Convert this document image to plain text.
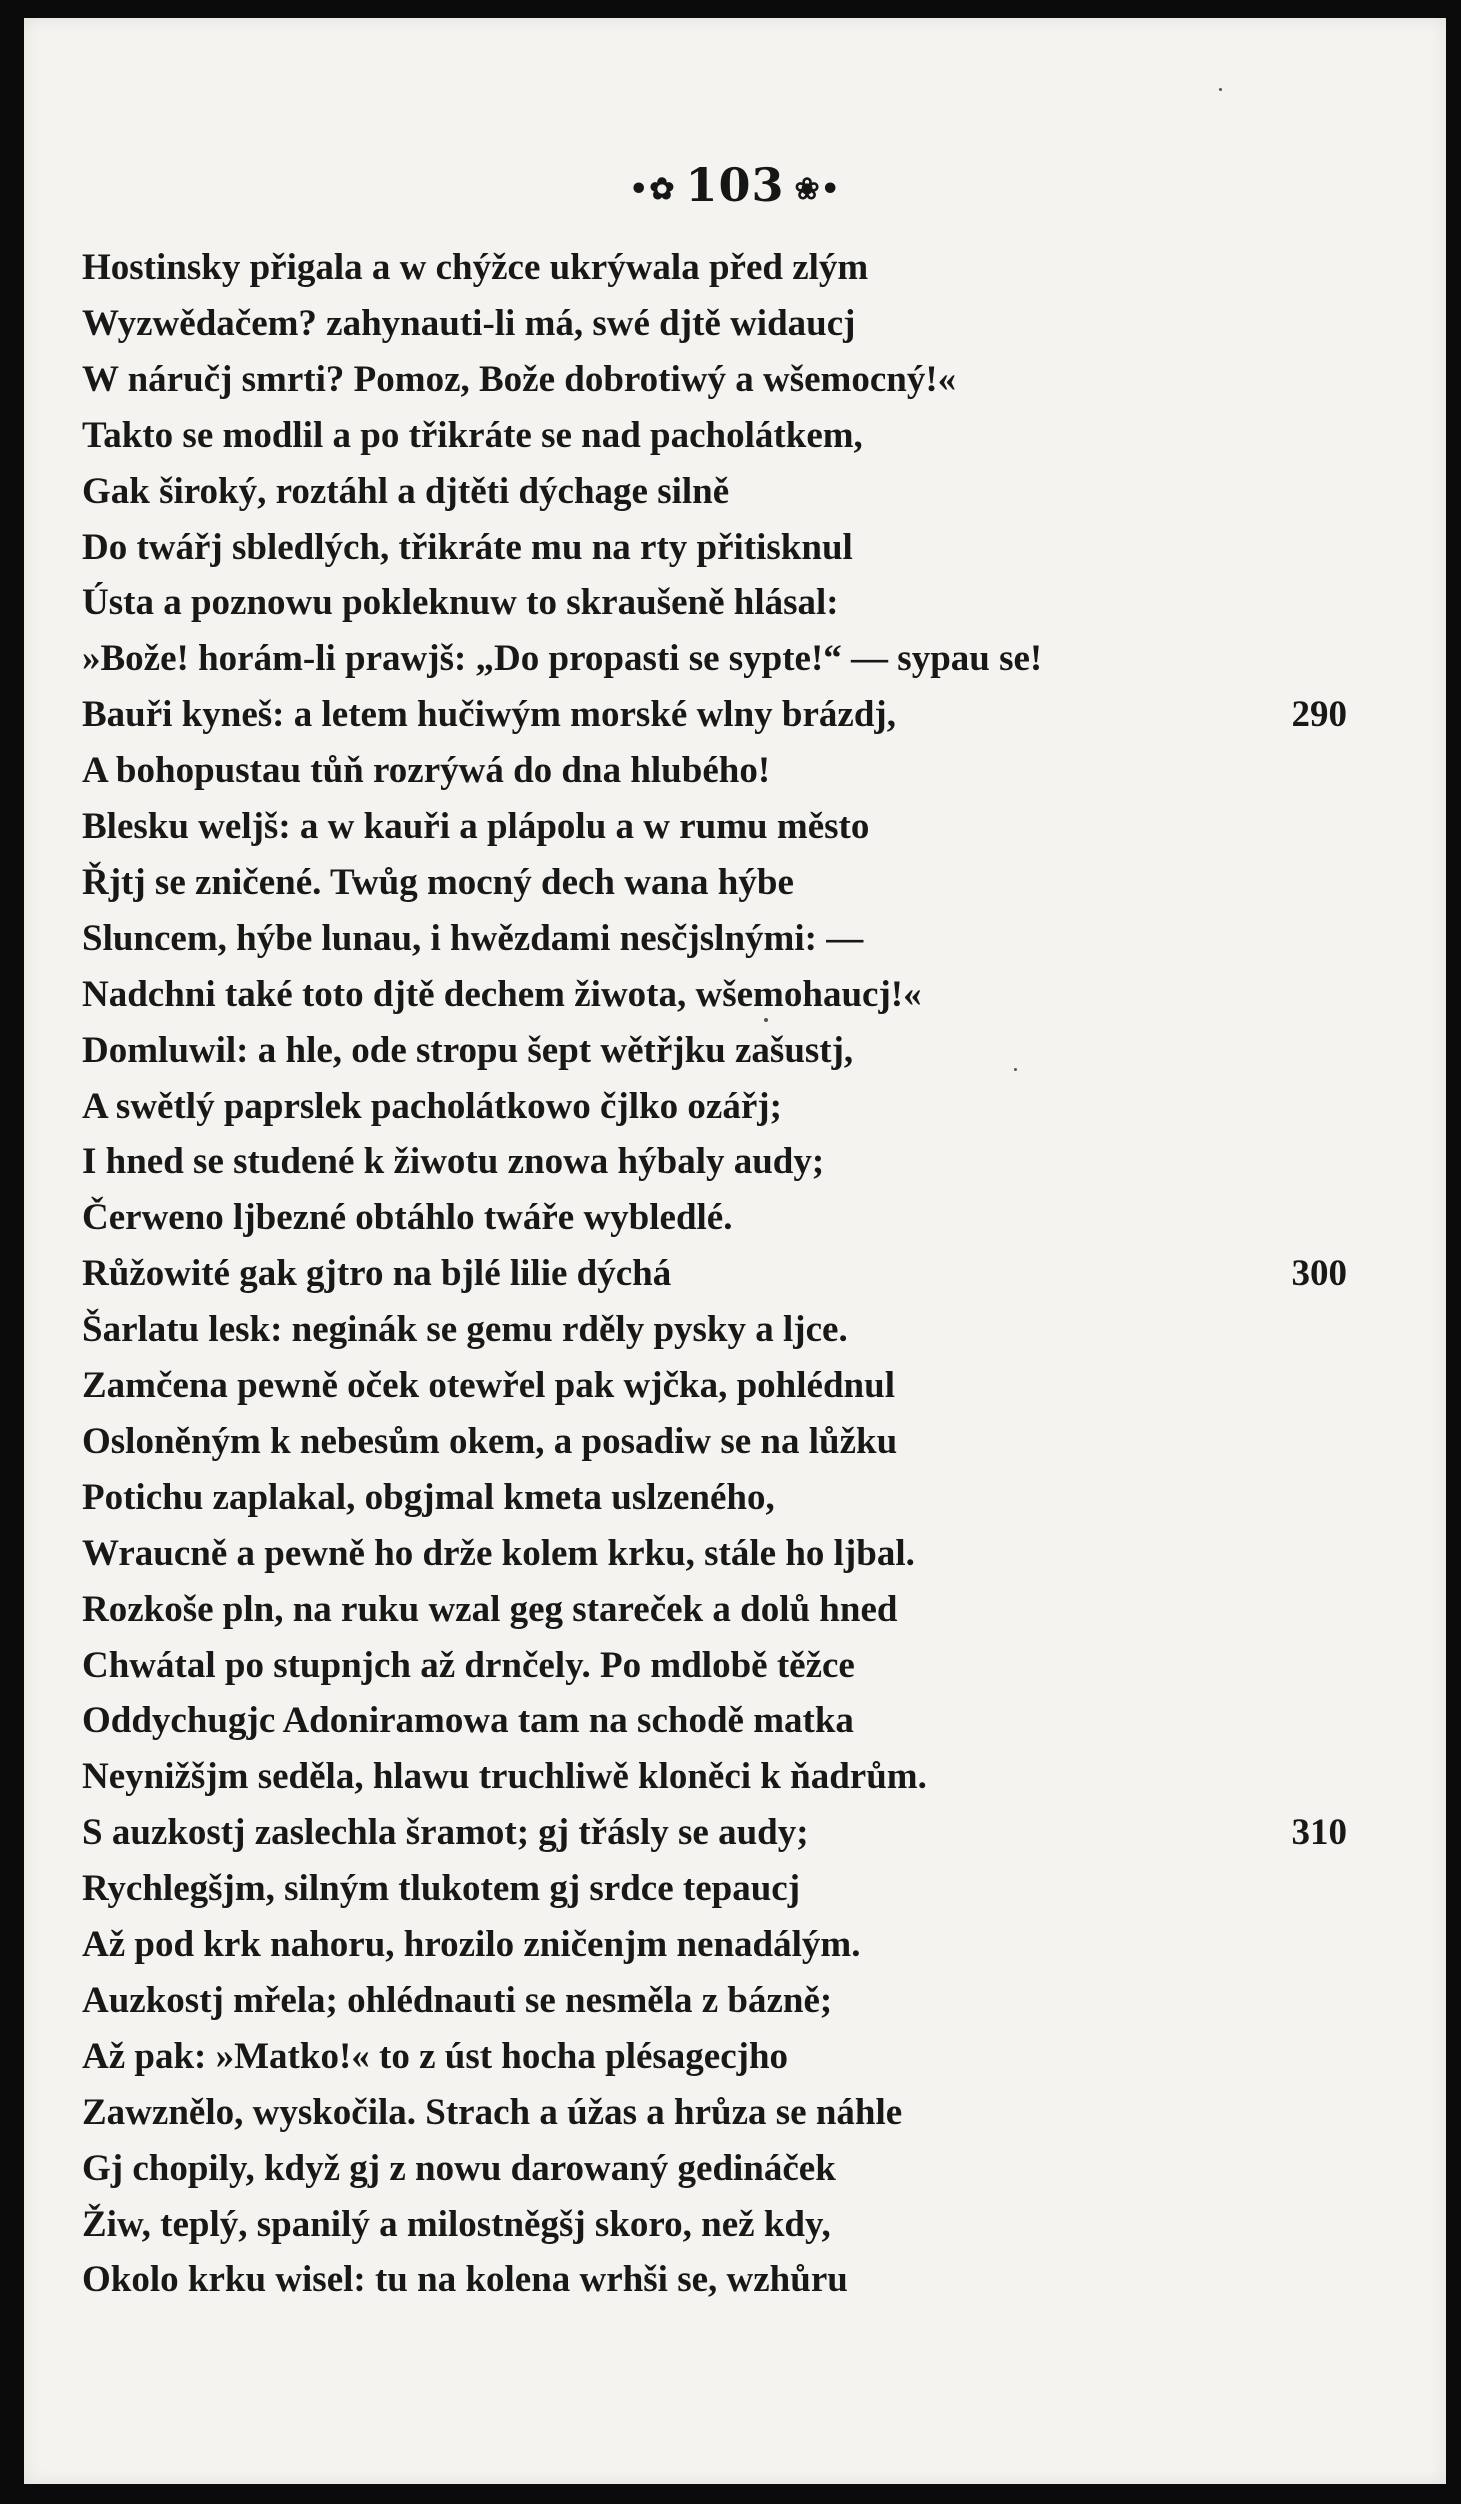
•✿ 103 ❀•
Hostinsky přigala a w chýžce ukrýwala před zlým
Wyzwědačem? zahynauti-li má, swé djtě widaucj
W náručj smrti? Pomoz, Bože dobrotiwý a wšemocný!«
Takto se modlil a po třikráte se nad pacholátkem,
Gak široký, roztáhl a djtěti dýchage silně
Do twářj sbledlých, třikráte mu na rty přitisknul
Ústa a poznowu pokleknuw to skraušeně hlásal:
»Bože! horám-li prawjš: „Do propasti se sypte!“ — sypau se!
Bauři kyneš: a letem hučiwým morské wlny brázdj,	290
A bohopustau tůň rozrýwá do dna hlubého!
Blesku weljš: a w kauři a plápolu a w rumu město
Řjtj se zničené. Twůg mocný dech wana hýbe
Sluncem, hýbe lunau, i hwězdami nesčjslnými: —
Nadchni také toto djtě dechem žiwota, wšemohaucj!«
Domluwil: a hle, ode stropu šept wětřjku zašustj,
A swětlý paprslek pacholátkowo čjlko ozářj;
I hned se studené k žiwotu znowa hýbaly audy;
Čerweno ljbezné obtáhlo twáře wybledlé.
Růžowité gak gjtro na bjlé lilie dýchá	300
Šarlatu lesk: neginák se gemu rděly pysky a ljce.
Zamčena pewně oček otewřel pak wjčka, pohlédnul
Osloněným k nebesům okem, a posadiw se na lůžku
Potichu zaplakal, obgjmal kmeta uslzeného,
Wraucně a pewně ho drže kolem krku, stále ho ljbal.
Rozkoše pln, na ruku wzal geg stareček a dolů hned
Chwátal po stupnjch až drnčely. Po mdlobě těžce
Oddychugjc Adoniramowa tam na schodě matka
Neynižšjm seděla, hlawu truchliwě kloněci k ňadrům.
S auzkostj zaslechla šramot; gj třásly se audy;	310
Rychlegšjm, silným tlukotem gj srdce tepaucj
Až pod krk nahoru, hrozilo zničenjm nenadálým.
Auzkostj mřela; ohlédnauti se nesměla z bázně;
Až pak: »Matko!« to z úst hocha plésagecjho
Zawznělo, wyskočila. Strach a úžas a hrůza se náhle
Gj chopily, když gj z nowu darowaný gedináček
Žiw, teplý, spanilý a milostněgšj skoro, než kdy,
Okolo krku wisel: tu na kolena wrhši se, wzhůru
